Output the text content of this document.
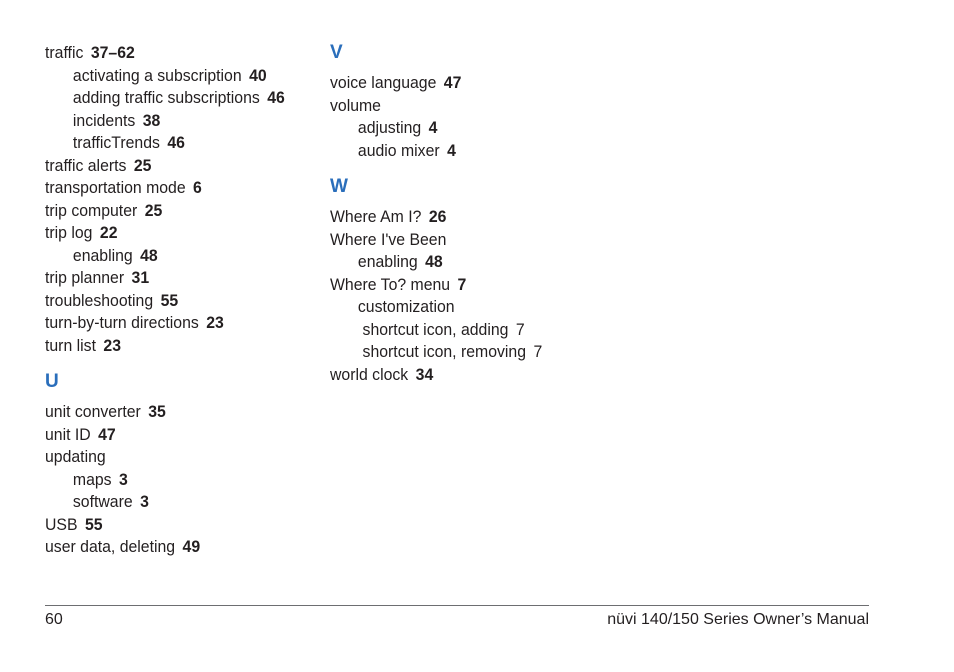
traffic 37–62
activating a subscription 40
adding traffic subscriptions 46
incidents 38
trafficTrends 46
traffic alerts 25
transportation mode 6
trip computer 25
trip log 22
enabling 48
trip planner 31
troubleshooting 55
turn-by-turn directions 23
turn list 23
U
unit converter 35
unit ID 47
updating
maps 3
software 3
USB 55
user data, deleting 49
V
voice language 47
volume
adjusting 4
audio mixer 4
W
Where Am I? 26
Where I've Been
enabling 48
Where To? menu 7
customization
shortcut icon, adding 7
shortcut icon, removing 7
world clock 34
60	nüvi 140/150 Series Owner’s Manual
